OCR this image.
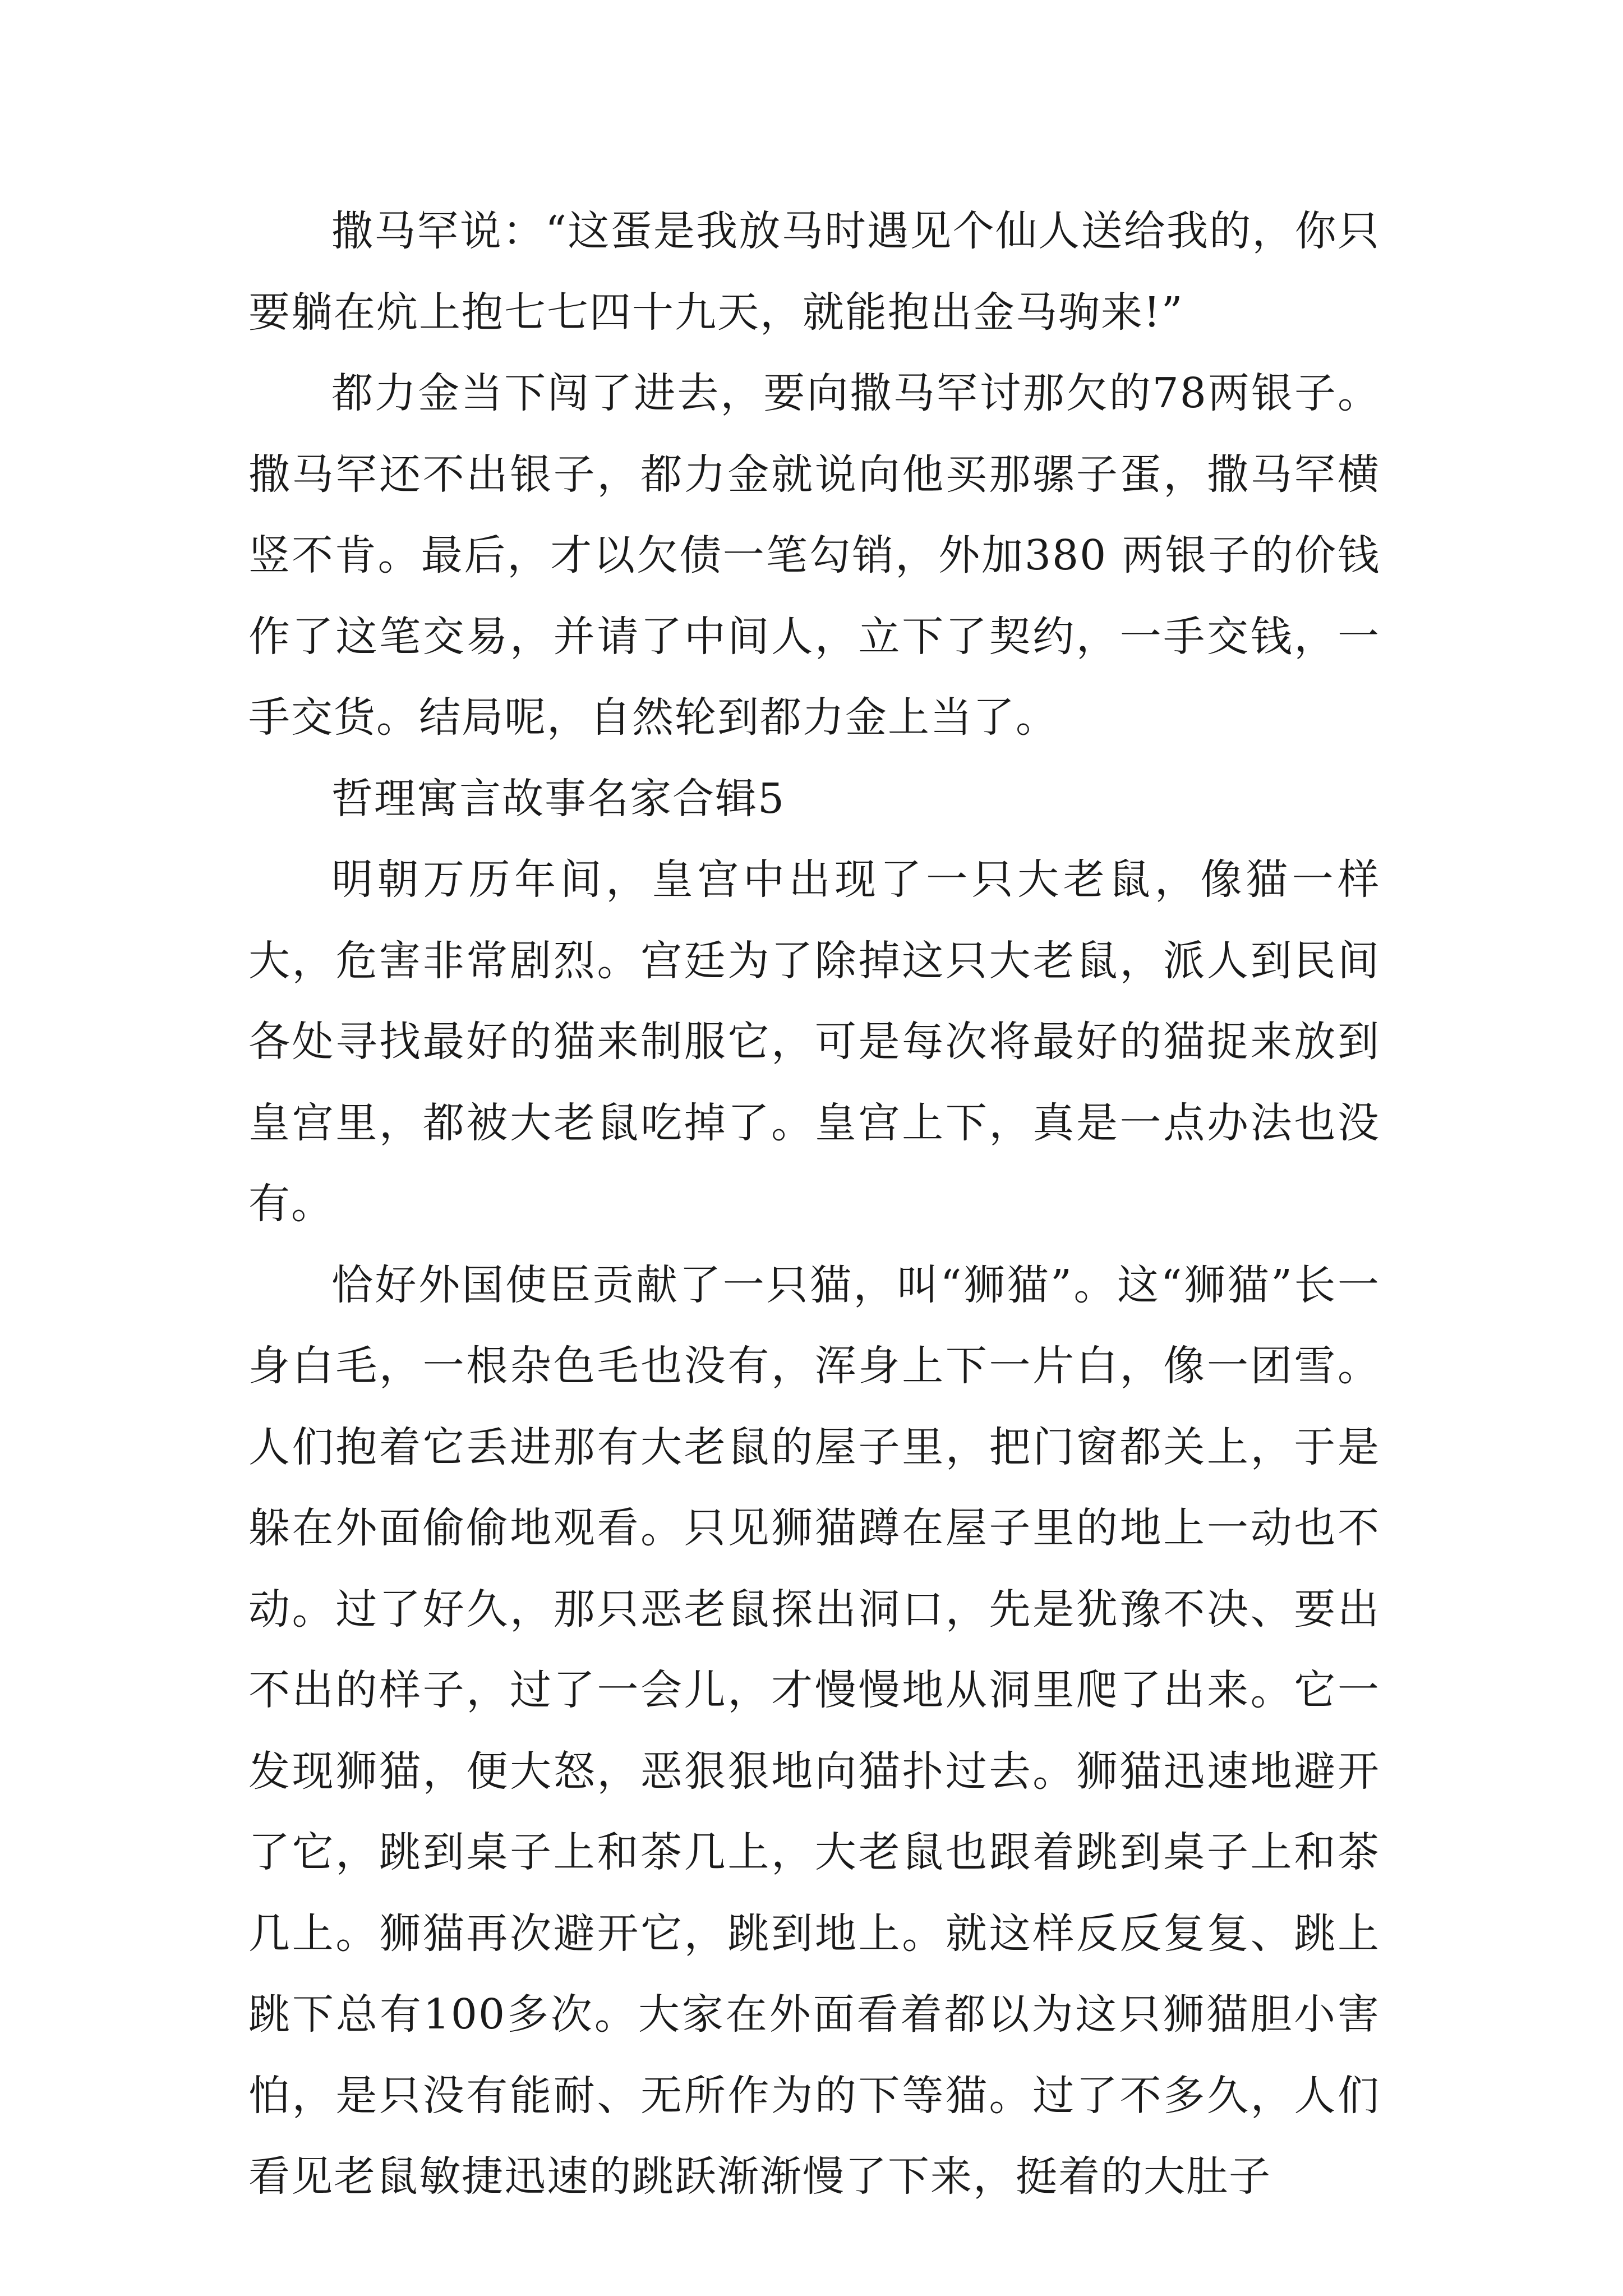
撒马罕说：“这蛋是我放马时遇见个仙人送给我的，你只要躺在炕上抱七七四十九天，就能抱出金马驹来!”

都力金当下闯了进去，要向撒马罕讨那欠的78两银子。撒马罕还不出银子，都力金就说向他买那骡子蛋，撒马罕横竖不肯。最后，才以欠债一笔勾销，外加380 两银子的价钱作了这笔交易，并请了中间人，立下了契约，一手交钱，一手交货。结局呢，自然轮到都力金上当了。

哲理寓言故事名家合辑5

明朝万历年间，皇宫中出现了一只大老鼠，像猫一样大，危害非常剧烈。宫廷为了除掉这只大老鼠，派人到民间各处寻找最好的猫来制服它，可是每次将最好的猫捉来放到皇宫里，都被大老鼠吃掉了。皇宫上下，真是一点办法也没有。

恰好外国使臣贡献了一只猫，叫“狮猫”。这“狮猫”长一身白毛，一根杂色毛也没有，浑身上下一片白，像一团雪。人们抱着它丢进那有大老鼠的屋子里，把门窗都关上，于是躲在外面偷偷地观看。只见狮猫蹲在屋子里的地上一动也不动。过了好久，那只恶老鼠探出洞口，先是犹豫不决、要出不出的样子，过了一会儿，才慢慢地从洞里爬了出来。它一发现狮猫，便大怒，恶狠狠地向猫扑过去。狮猫迅速地避开了它，跳到桌子上和茶几上，大老鼠也跟着跳到桌子上和茶几上。狮猫再次避开它，跳到地上。就这样反反复复、跳上跳下总有100多次。大家在外面看着都以为这只狮猫胆小害怕，是只没有能耐、无所作为的下等猫。过了不多久，人们看见老鼠敏捷迅速的跳跃渐渐慢了下来，挺着的大肚子
